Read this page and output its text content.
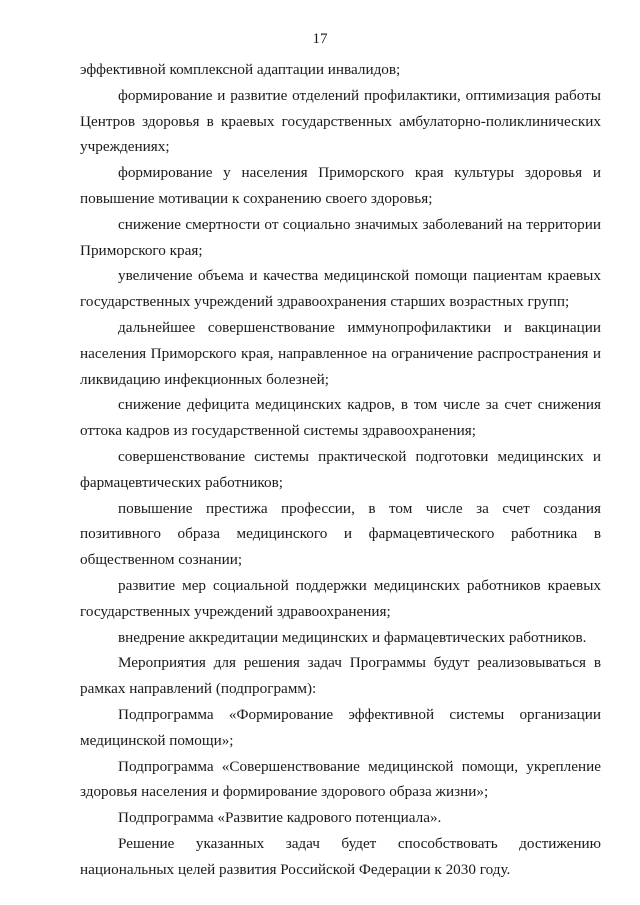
17

эффективной комплексной адаптации инвалидов;

формирование и развитие отделений профилактики, оптимизация работы Центров здоровья в краевых государственных амбулаторно-поликлинических учреждениях;

формирование у населения Приморского края культуры здоровья и повышение мотивации к сохранению своего здоровья;

снижение смертности от социально значимых заболеваний на территории Приморского края;

увеличение объема и качества медицинской помощи пациентам краевых государственных учреждений здравоохранения старших возрастных групп;

дальнейшее совершенствование иммунопрофилактики и вакцинации населения Приморского края, направленное на ограничение распространения и ликвидацию инфекционных болезней;

снижение дефицита медицинских кадров, в том числе за счет снижения оттока кадров из государственной системы здравоохранения;

совершенствование системы практической подготовки медицинских и фармацевтических работников;

повышение престижа профессии, в том числе за счет создания позитивного образа медицинского и фармацевтического работника в общественном сознании;

развитие мер социальной поддержки медицинских работников краевых государственных учреждений здравоохранения;

внедрение аккредитации медицинских и фармацевтических работников.

Мероприятия для решения задач Программы будут реализовываться в рамках направлений (подпрограмм):

Подпрограмма «Формирование эффективной системы организации медицинской помощи»;

Подпрограмма «Совершенствование медицинской помощи, укрепление здоровья населения и формирование здорового образа жизни»;

Подпрограмма «Развитие кадрового потенциала».

Решение указанных задач будет способствовать достижению национальных целей развития Российской Федерации к 2030 году.
